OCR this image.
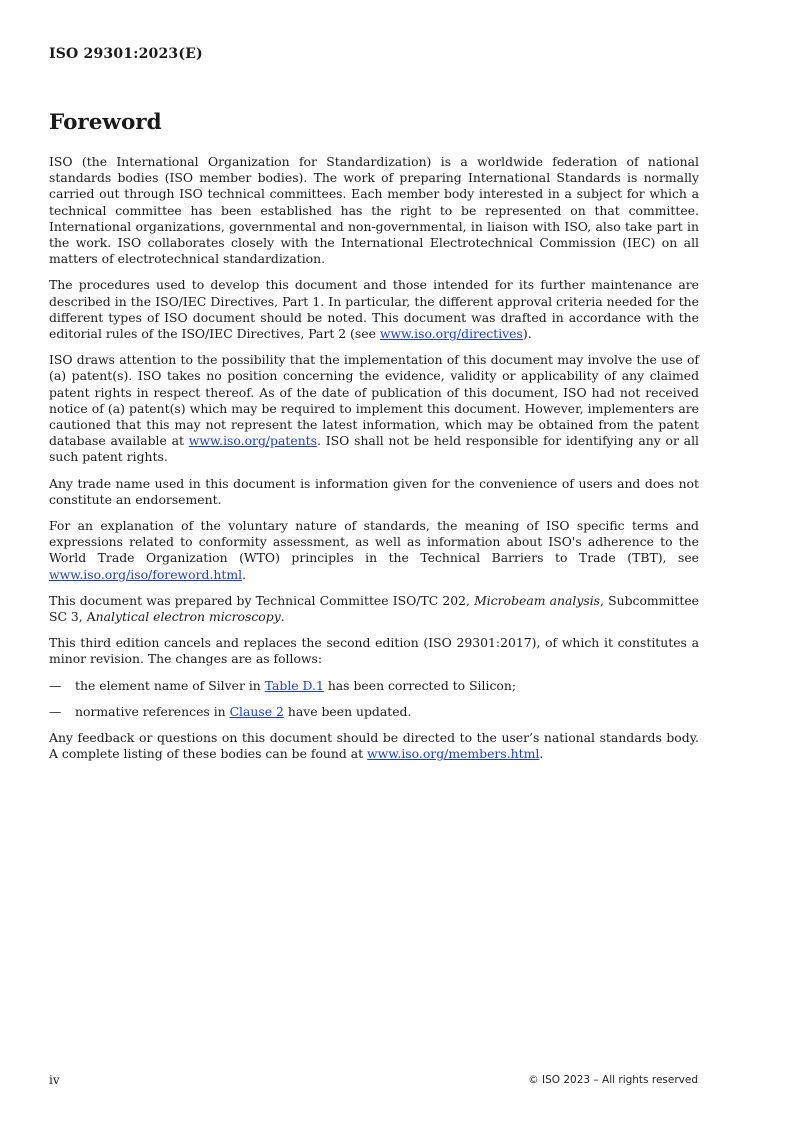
ISO 29301:2023(E)
Foreword

ISO (the International Organization for Standardization) is a worldwide federation of national standards bodies (ISO member bodies). The work of preparing International Standards is normally carried out through ISO technical committees. Each member body interested in a subject for which a technical committee has been established has the right to be represented on that committee. International organizations, governmental and non-governmental, in liaison with ISO, also take part in the work. ISO collaborates closely with the International Electrotechnical Commission (IEC) on all matters of electrotechnical standardization.

The procedures used to develop this document and those intended for its further maintenance are described in the ISO/IEC Directives, Part 1. In particular, the different approval criteria needed for the different types of ISO document should be noted. This document was drafted in accordance with the editorial rules of the ISO/IEC Directives, Part 2 (see www.iso.org/directives).

ISO draws attention to the possibility that the implementation of this document may involve the use of (a) patent(s). ISO takes no position concerning the evidence, validity or applicability of any claimed patent rights in respect thereof. As of the date of publication of this document, ISO had not received notice of (a) patent(s) which may be required to implement this document. However, implementers are cautioned that this may not represent the latest information, which may be obtained from the patent database available at www.iso.org/patents. ISO shall not be held responsible for identifying any or all such patent rights.

Any trade name used in this document is information given for the convenience of users and does not constitute an endorsement.

For an explanation of the voluntary nature of standards, the meaning of ISO specific terms and expressions related to conformity assessment, as well as information about ISO's adherence to the World Trade Organization (WTO) principles in the Technical Barriers to Trade (TBT), see www.iso.org/iso/foreword.html.

This document was prepared by Technical Committee ISO/TC 202, Microbeam analysis, Subcommittee SC 3, Analytical electron microscopy.

This third edition cancels and replaces the second edition (ISO 29301:2017), of which it constitutes a minor revision. The changes are as follows:

—	the element name of Silver in Table D.1 has been corrected to Silicon;
—	normative references in Clause 2 have been updated.

Any feedback or questions on this document should be directed to the user’s national standards body. A complete listing of these bodies can be found at www.iso.org/members.html.

iv	© ISO 2023 – All rights reserved
